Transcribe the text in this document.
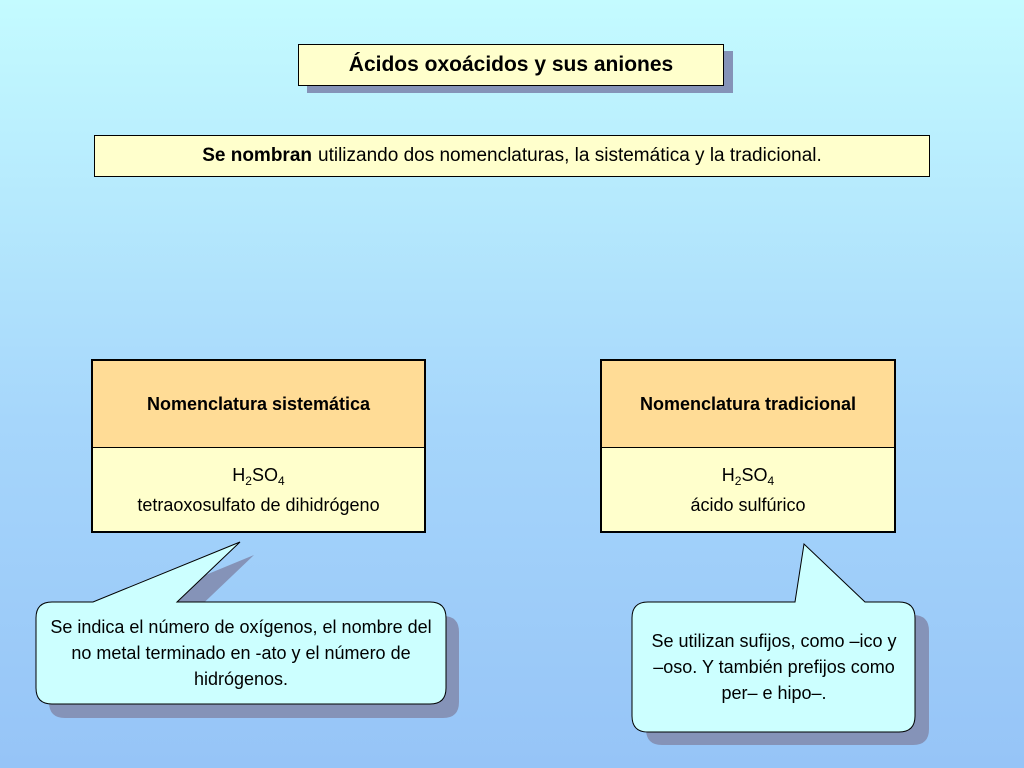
Ácidos oxoácidos y sus aniones
Se nombran utilizando dos nomenclaturas, la sistemática y la tradicional.
Nomenclatura sistemática
$H_2SO_4$
tetraoxosulfato de dihidrógeno
Nomenclatura tradicional
$H_2SO_4$
ácido sulfúrico
Se indica el número de oxígenos, el nombre del no metal terminado en -ato y el número de hidrógenos.
Se utilizan sufijos, como –ico y –oso. Y también prefijos como per– e hipo–.
